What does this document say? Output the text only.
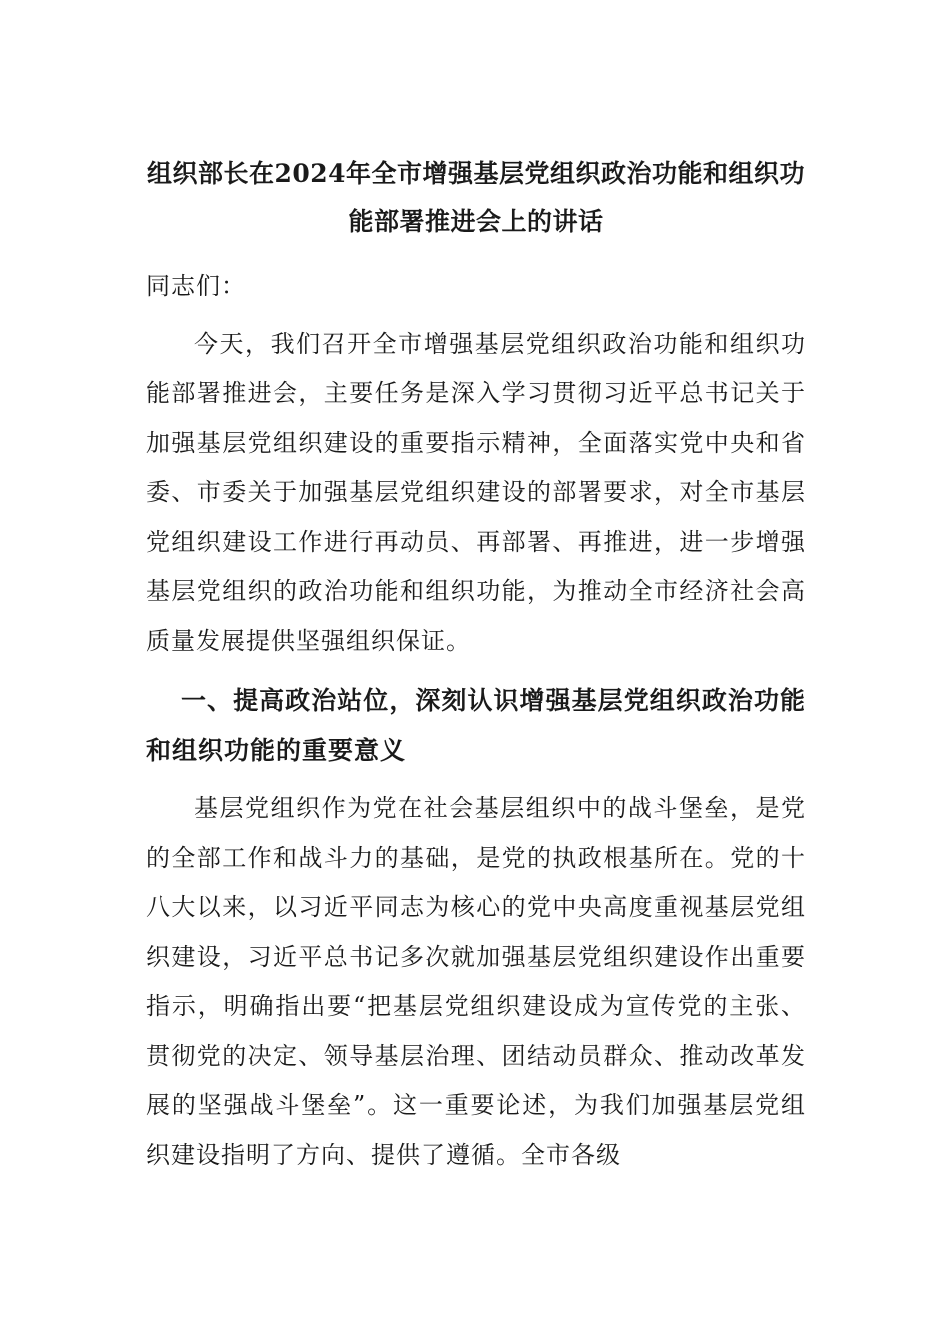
组织部长在2024年全市增强基层党组织政治功能和组织功能部署推进会上的讲话

同志们：

今天，我们召开全市增强基层党组织政治功能和组织功能部署推进会，主要任务是深入学习贯彻习近平总书记关于加强基层党组织建设的重要指示精神，全面落实党中央和省委、市委关于加强基层党组织建设的部署要求，对全市基层党组织建设工作进行再动员、再部署、再推进，进一步增强基层党组织的政治功能和组织功能，为推动全市经济社会高质量发展提供坚强组织保证。

一、提高政治站位，深刻认识增强基层党组织政治功能和组织功能的重要意义

基层党组织作为党在社会基层组织中的战斗堡垒，是党的全部工作和战斗力的基础，是党的执政根基所在。党的十八大以来，以习近平同志为核心的党中央高度重视基层党组织建设，习近平总书记多次就加强基层党组织建设作出重要指示，明确指出要“把基层党组织建设成为宣传党的主张、贯彻党的决定、领导基层治理、团结动员群众、推动改革发展的坚强战斗堡垒”。这一重要论述，为我们加强基层党组织建设指明了方向、提供了遵循。全市各级
